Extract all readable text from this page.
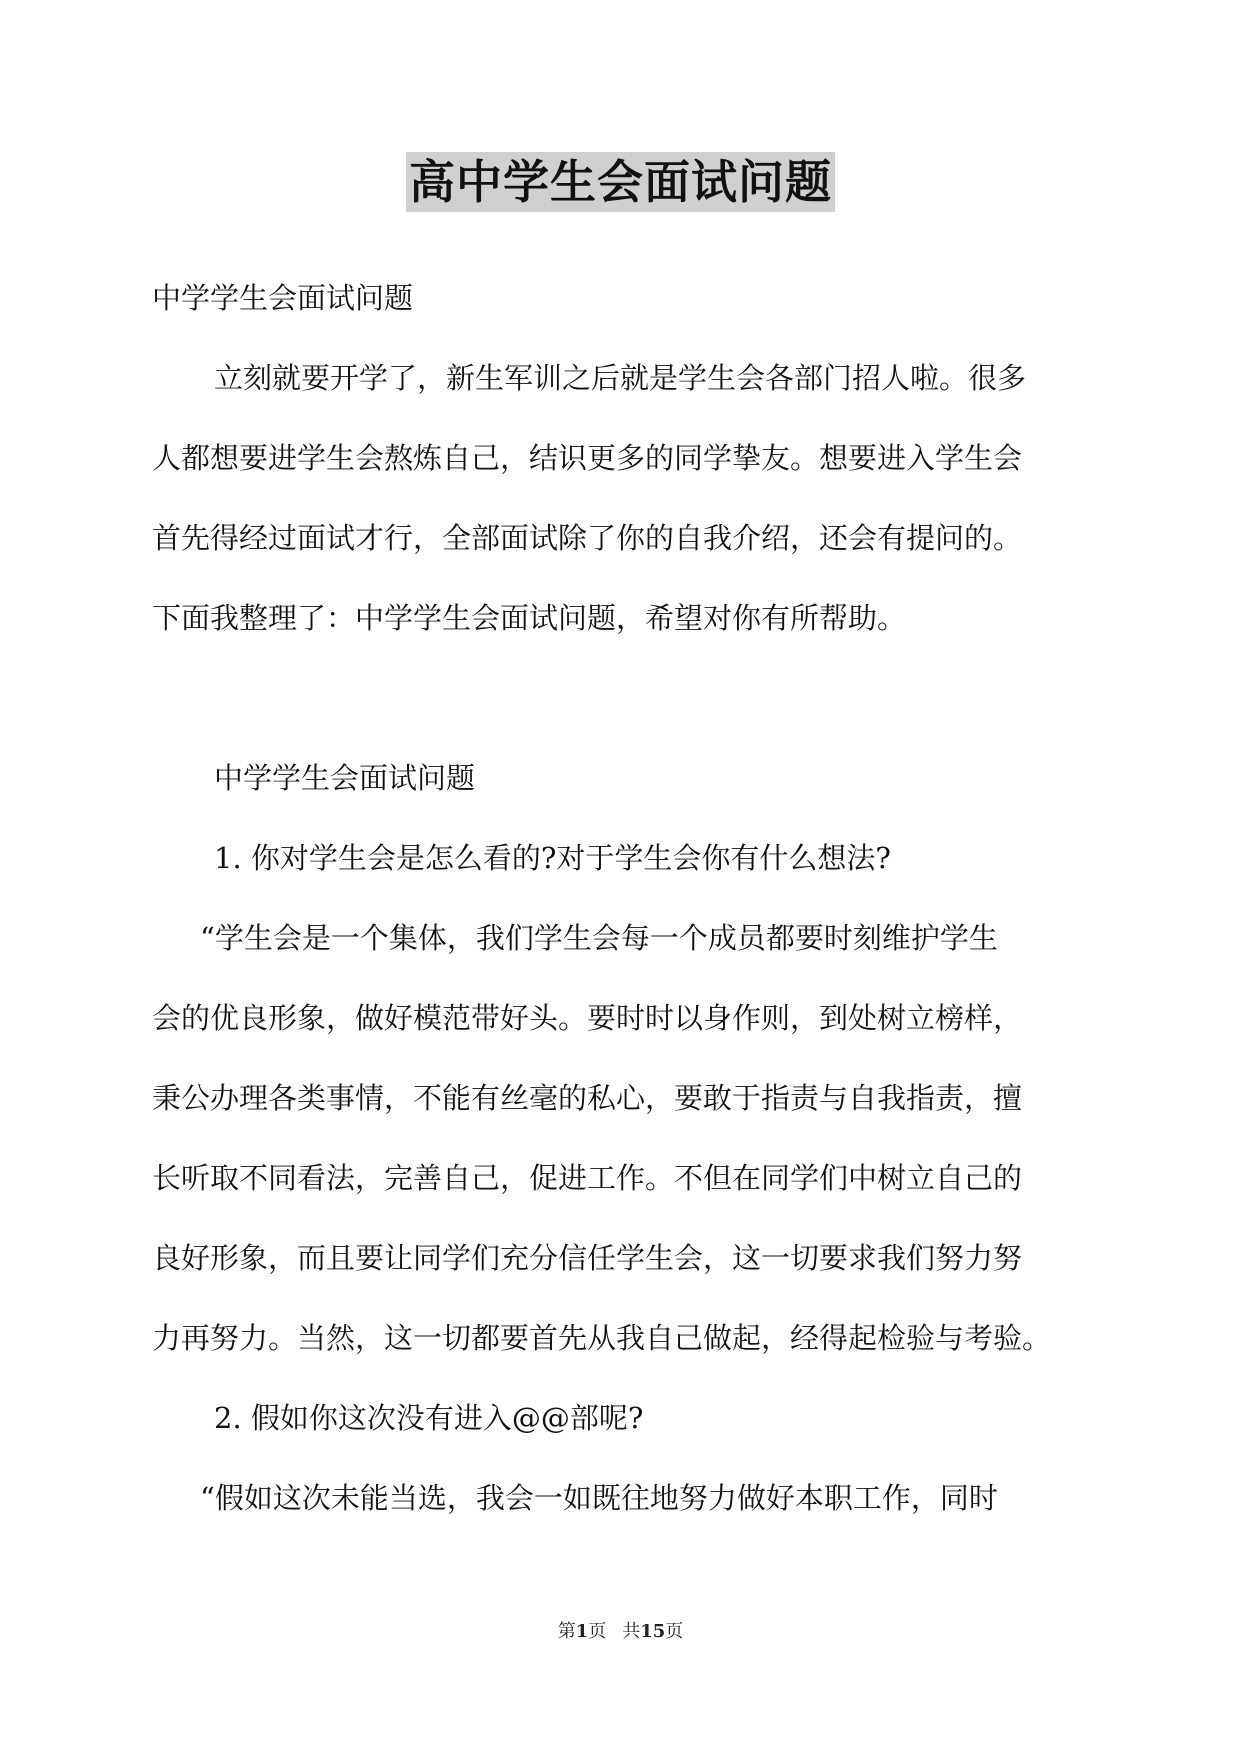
高中学生会面试问题
中学学生会面试问题
立刻就要开学了，新生军训之后就是学生会各部门招人啦。很多
人都想要进学生会熬炼自己，结识更多的同学挚友。想要进入学生会
首先得经过面试才行，全部面试除了你的自我介绍，还会有提问的。
下面我整理了：中学学生会面试问题，希望对你有所帮助。
中学学生会面试问题
1. 你对学生会是怎么看的?对于学生会你有什么想法?
“学生会是一个集体，我们学生会每一个成员都要时刻维护学生
会的优良形象，做好模范带好头。要时时以身作则，到处树立榜样，
秉公办理各类事情，不能有丝毫的私心，要敢于指责与自我指责，擅
长听取不同看法，完善自己，促进工作。不但在同学们中树立自己的
良好形象，而且要让同学们充分信任学生会，这一切要求我们努力努
力再努力。当然，这一切都要首先从我自己做起，经得起检验与考验。
2. 假如你这次没有进入@@部呢?
“假如这次未能当选，我会一如既往地努力做好本职工作，同时
第1页 共15页
